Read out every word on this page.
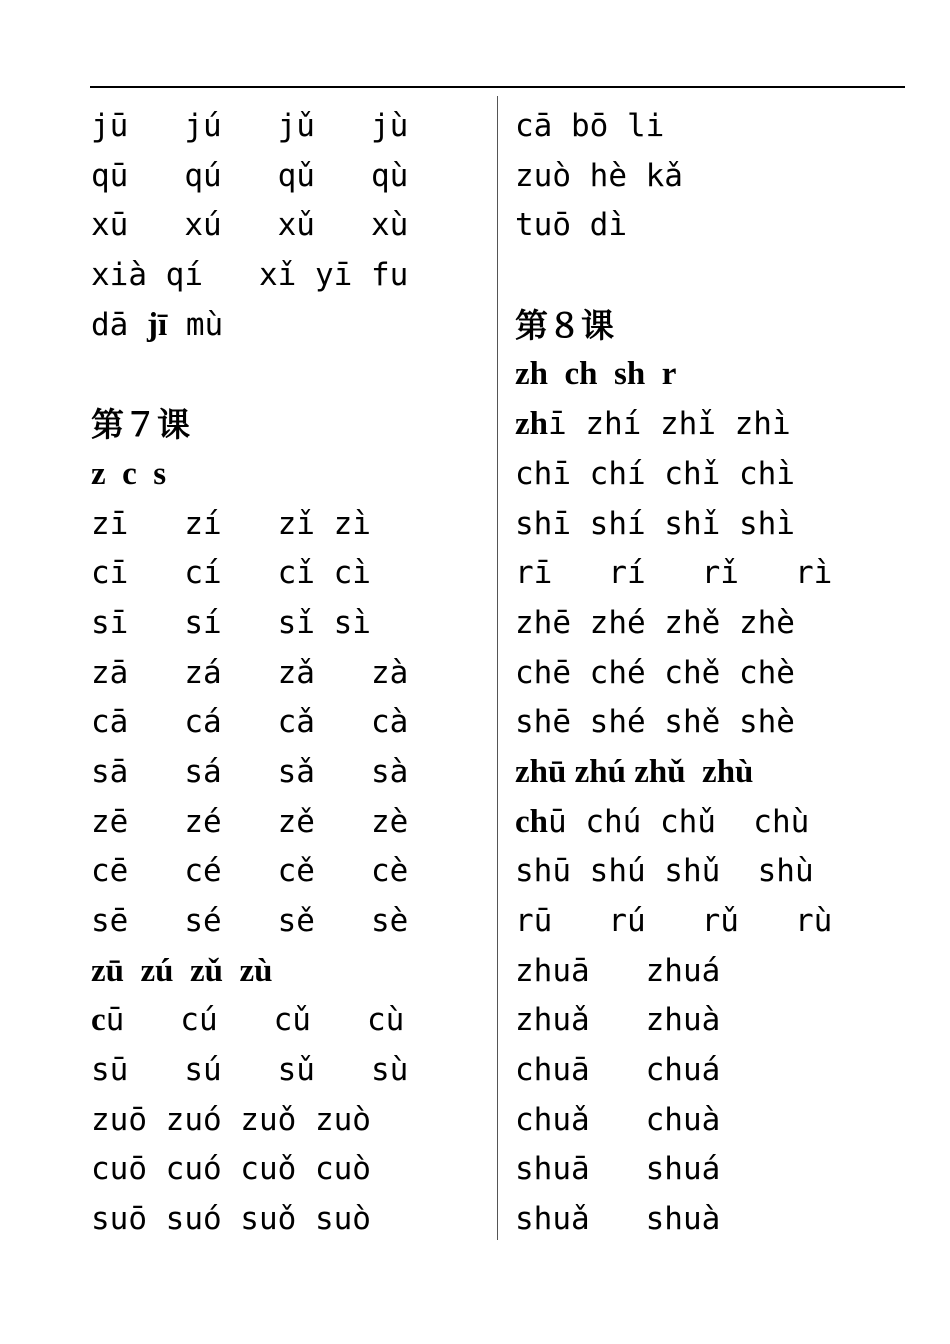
jū   jú   jǔ   jù
qū   qú   qǔ   qù
xū   xú   xǔ   xù
xià qí   xǐ yī fu
dā jī mù
第７课
z  c  s
zī   zí   zǐ zì
cī   cí   cǐ cì
sī   sí   sǐ sì
zā   zá   zǎ   zà
cā   cá   cǎ   cà
sā   sá   sǎ   sà
zē   zé   zě   zè
cē   cé   cě   cè
sē   sé   sě   sè
zū  zú  zǔ  zù
cū   cú   cǔ   cù
sū   sú   sǔ   sù
zuō zuó zuǒ zuò
cuō cuó cuǒ cuò
suō suó suǒ suò
cā bō li
zuò hè kǎ
tuō dì
第８课
zh  ch  sh  r
zhī zhí zhǐ zhì
chī chí chǐ chì
shī shí shǐ shì
rī   rí   rǐ   rì
zhē zhé zhě zhè
chē ché chě chè
shē shé shě shè
zhū zhú zhǔ  zhù
chū chú chǔ  chù
shū shú shǔ  shù
rū   rú   rǔ   rù
zhuā   zhuá
zhuǎ   zhuà
chuā   chuá
chuǎ   chuà
shuā   shuá
shuǎ   shuà
